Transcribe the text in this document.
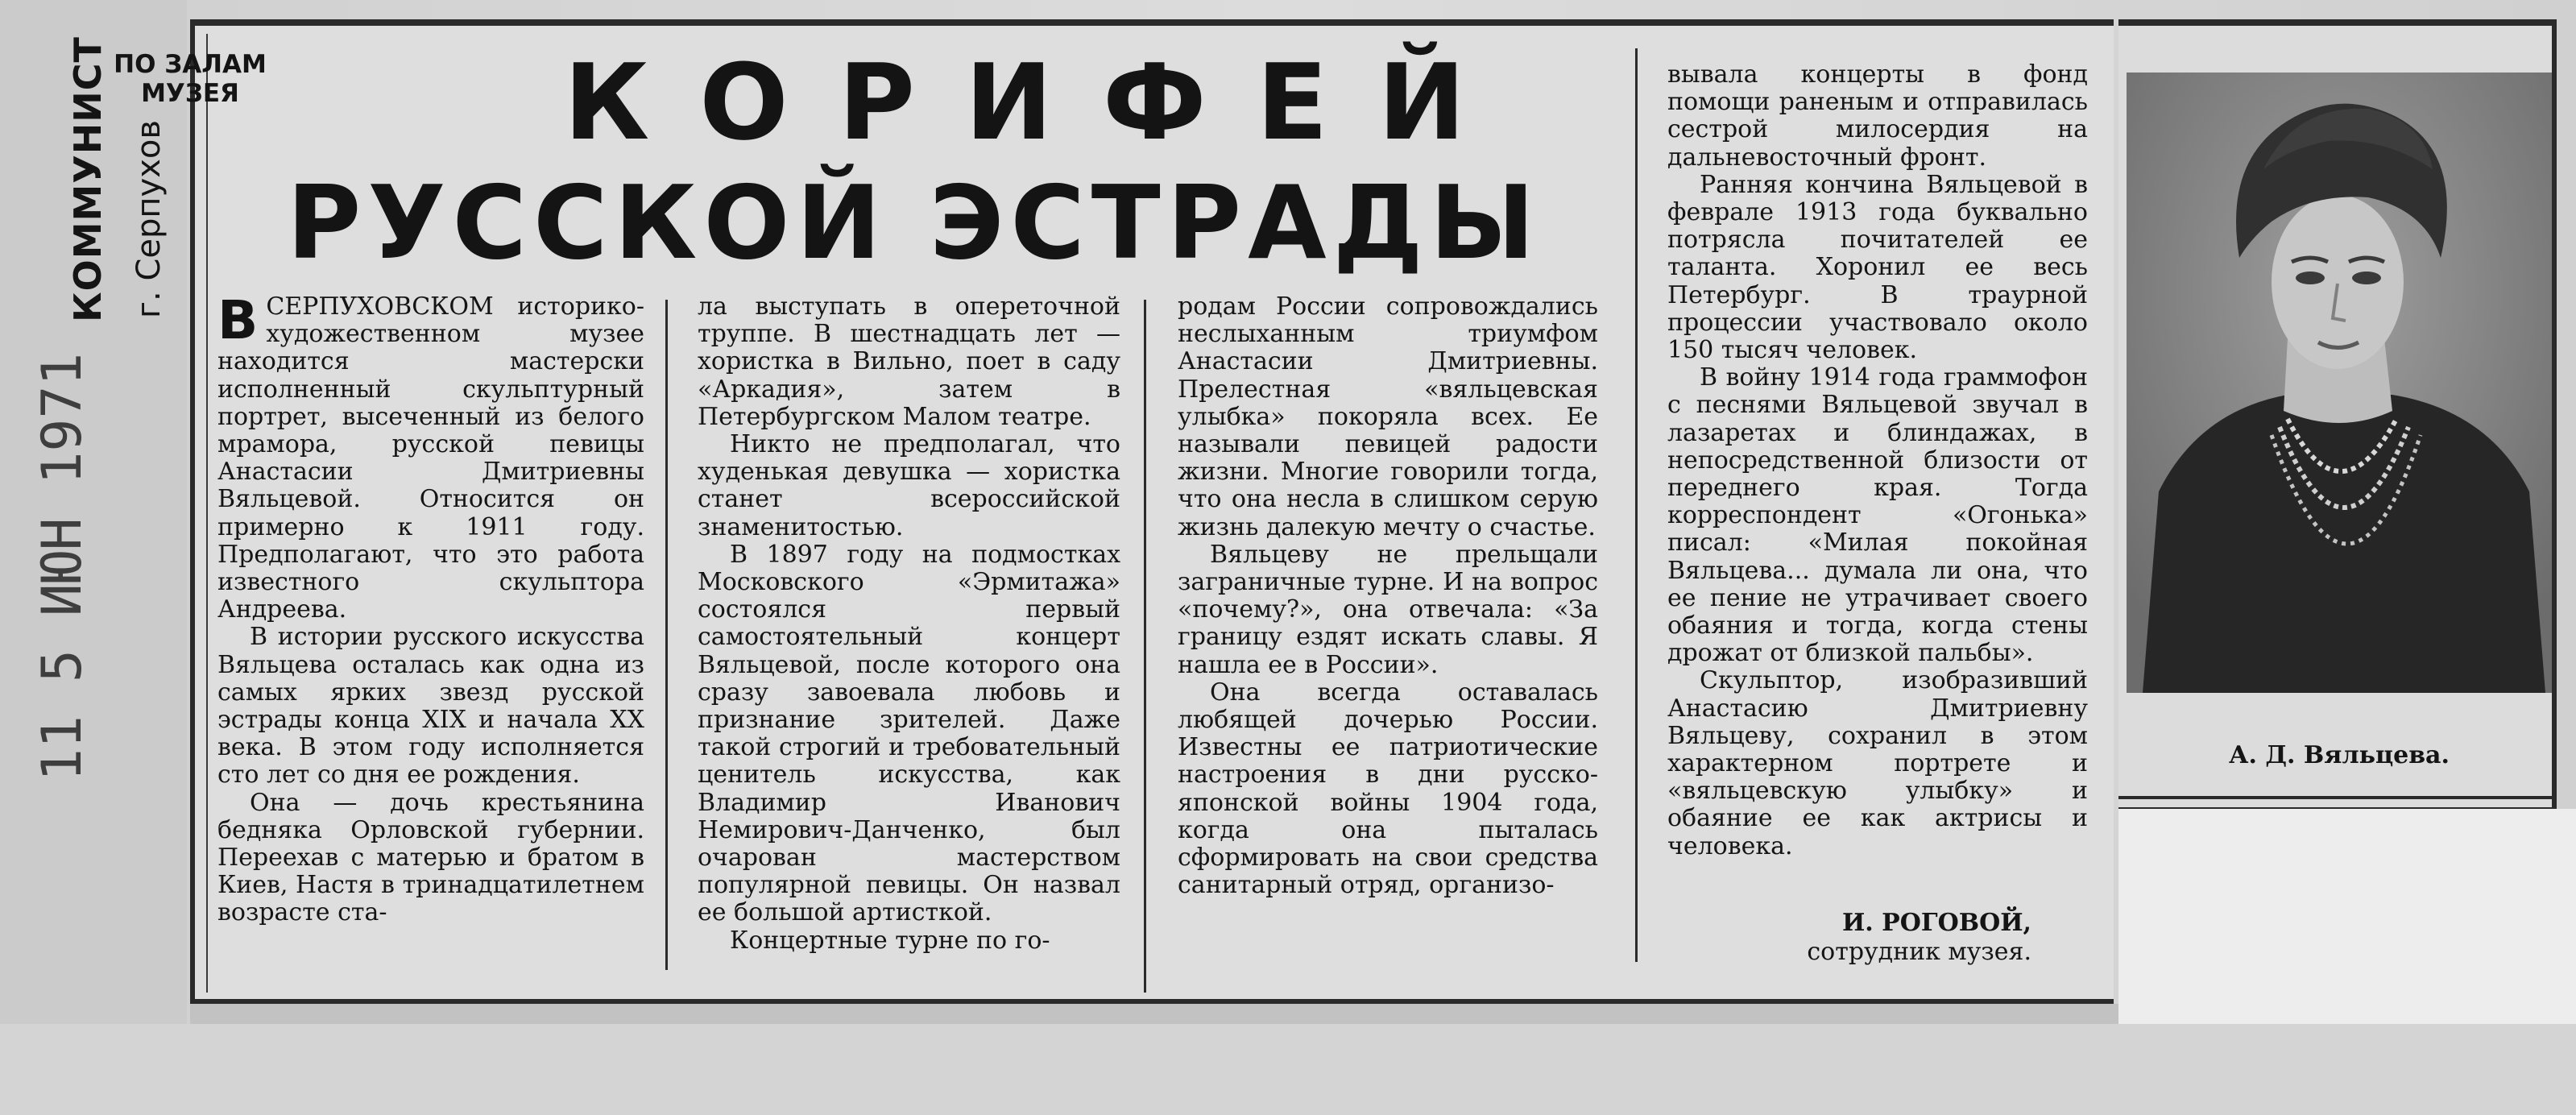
КОММУНИСТ г. Серпухов
11 5 ИЮН 1971

ПО ЗАЛАМ МУЗЕЯ	КОРИФЕЙ
РУССКОЙ ЭСТРАДЫ

ВСЕРПУХОВСКОМ историко-художественном музее находится мастерски исполненный скульптурный портрет, высеченный из белого мрамора, русской певицы Анастасии Дмитриевны Вяльцевой. Относится он примерно к 1911 году. Предполагают, что это работа известного скульптора Андреева.

В истории русского искусства Вяльцева осталась как одна из самых ярких звезд русской эстрады конца XIX и начала XX века. В этом году исполняется сто лет со дня ее рождения.

Она — дочь крестьянина бедняка Орловской губернии. Переехав с матерью и братом в Киев, Настя в тринадцатилетнем возрасте ста-

ла выступать в опереточной труппе. В шестнадцать лет — хористка в Вильно, поет в саду «Аркадия», затем в Петербургском Малом театре.

Никто не предполагал, что худенькая девушка — хористка станет всероссийской знаменитостью.

В 1897 году на подмостках Московского «Эрмитажа» состоялся первый самостоятельный концерт Вяльцевой, после которого она сразу завоевала любовь и признание зрителей. Даже такой строгий и требовательный ценитель искусства, как Владимир Иванович Немирович-Данченко, был очарован мастерством популярной певицы. Он назвал ее большой артисткой.

Концертные турне по го-

родам России сопровождались неслыханным триумфом Анастасии Дмитриевны. Прелестная «вяльцевская улыбка» покоряла всех. Ее называли певицей радости жизни. Многие говорили тогда, что она несла в слишком серую жизнь далекую мечту о счастье.

Вяльцеву не прельщали заграничные турне. И на вопрос «почему?», она отвечала: «За границу ездят искать славы. Я нашла ее в России».

Она всегда оставалась любящей дочерью России. Известны ее патриотические настроения в дни русско-японской войны 1904 года, когда она пыталась сформировать на свои средства санитарный отряд, организо-

вывала концерты в фонд помощи раненым и отправилась сестрой милосердия на дальневосточный фронт.

Ранняя кончина Вяльцевой в феврале 1913 года буквально потрясла почитателей ее таланта. Хоронил ее весь Петербург. В траурной процессии участвовало около 150 тысяч человек.

В войну 1914 года граммофон с песнями Вяльцевой звучал в лазаретах и блиндажах, в непосредственной близости от переднего края. Тогда корреспондент «Огонька» писал: «Милая покойная Вяльцева... думала ли она, что ее пение не утрачивает своего обаяния и тогда, когда стены дрожат от близкой пальбы».

Скульптор, изобразивший Анастасию Дмитриевну Вяльцеву, сохранил в этом характерном портрете и «вяльцевскую улыбку» и обаяние ее как актрисы и человека.

И. РОГОВОЙ,
сотрудник музея.

А. Д. Вяльцева.
